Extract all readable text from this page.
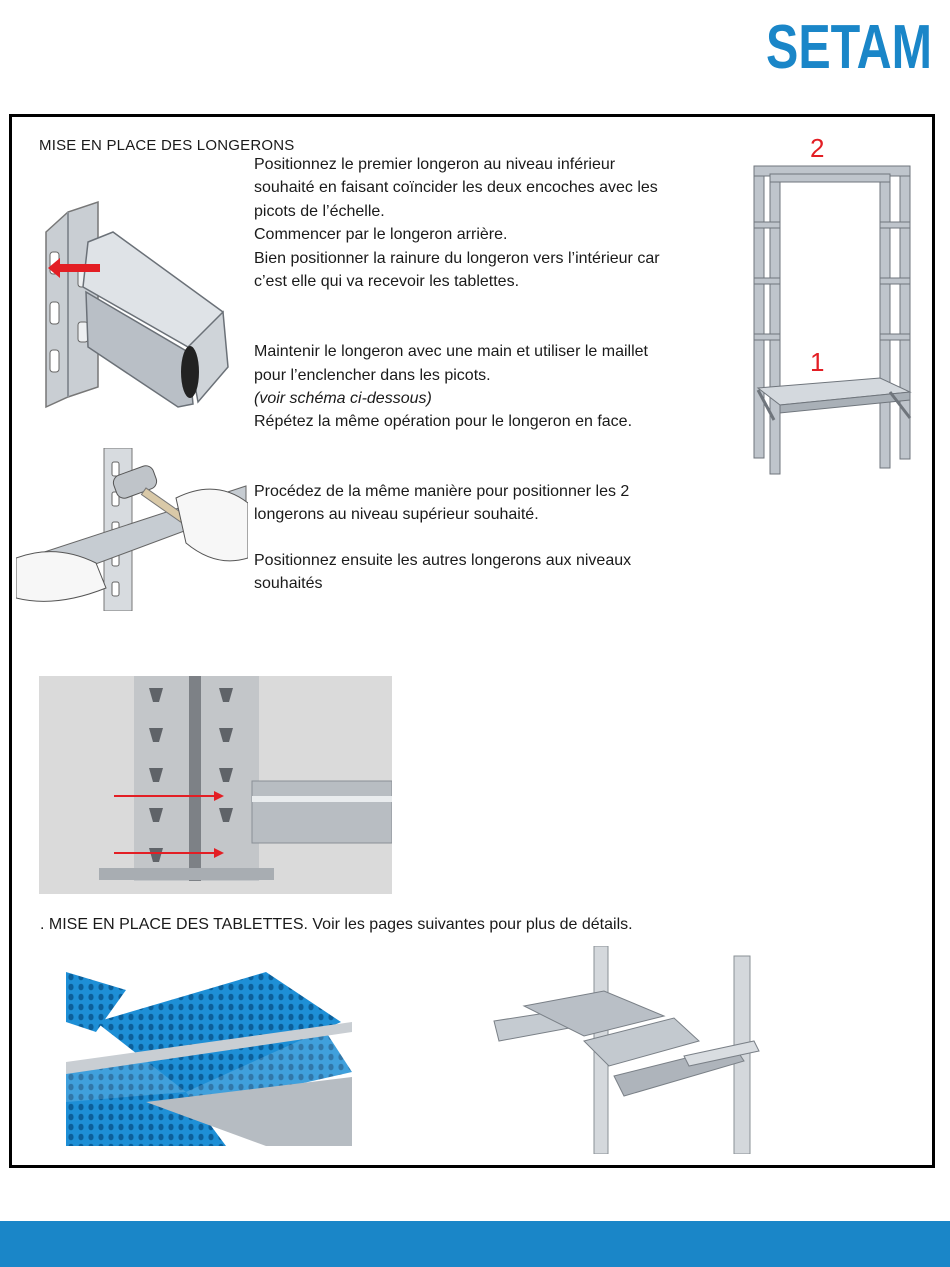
SETAM
MISE EN PLACE DES LONGERONS
Positionnez le premier longeron au niveau inférieur
souhaité en faisant coïncider les deux encoches avec les
picots de l’échelle.
Commencer par le longeron arrière.
Bien positionner la rainure du longeron vers l’intérieur car
c’est elle qui va recevoir les tablettes.

Maintenir le longeron avec une main et utiliser le maillet
pour l’enclencher dans les picots.

(voir schéma ci-dessous)

Répétez la même opération pour le longeron en face.
Procédez de la même manière pour positionner les 2
longerons au niveau supérieur souhaité.
Positionnez ensuite les autres longerons aux niveaux
souhaités
2
1
. MISE EN PLACE DES TABLETTES. Voir les pages suivantes pour plus de détails.
